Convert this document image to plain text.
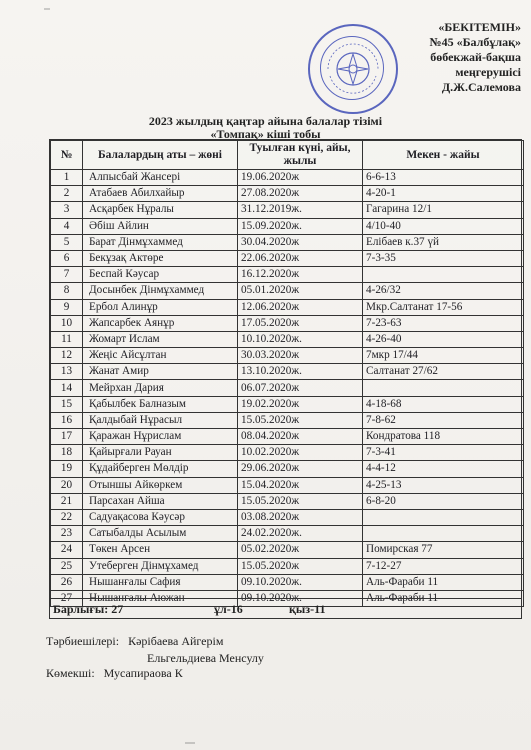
«БЕКІТЕМІН»
№45 «Балбұлақ»
бөбекжай-бақша
меңгерушісі
Д.Ж.Салемова
2023 жылдың қаңтар айына балалар тізімі
«Томпақ» кіші тобы
№	Балалардың аты – жөні	Туылған күні, айы, жылы	Мекен - жайы
1	Алпысбай Жансері	19.06.2020ж	6-6-13
2	Атабаев Абилхайыр	27.08.2020ж	4-20-1
3	Асқарбек Нұралы	31.12.2019ж.	Гагарина 12/1
4	Әбіш Айлин	15.09.2020ж.	4/10-40
5	Барат Дінмұхаммед	30.04.2020ж	Елібаев к.37 үй
6	Бекұзақ Актөре	22.06.2020ж	7-3-35
7	Беспай Кәусар	16.12.2020ж	
8	Досынбек Дінмұхаммед	05.01.2020ж	4-26/32
9	Ербол Алинұр	12.06.2020ж	Мкр.Салтанат 17-56
10	Жапсарбек Аянұр	17.05.2020ж	7-23-63
11	Жомарт Ислам	10.10.2020ж.	4-26-40
12	Жеңіс Айсұлтан	30.03.2020ж	7мкр 17/44
13	Жанат Амир	13.10.2020ж.	Салтанат 27/62
14	Мейрхан Дария	06.07.2020ж	
15	Қабылбек Балназым	19.02.2020ж	4-18-68
16	Қалдыбай Нұрасыл	15.05.2020ж	7-8-62
17	Қаражан Нұрислам	08.04.2020ж	Кондратова 118
18	Қайырғали Рауан	10.02.2020ж	7-3-41
19	Құдайберген Мөлдір	29.06.2020ж	4-4-12
20	Отыншы Айкөркем	15.04.2020ж	4-25-13
21	Парсахан Айша	15.05.2020ж	6-8-20
22	Садуақасова Кәусәр	03.08.2020ж	
23	Сатыбалды Асылым	24.02.2020ж.	
24	Төкен Арсен	05.02.2020ж	Помирская 77
25	Утеберген Дінмұхамед	15.05.2020ж	7-12-27
26	Нышанғалы Сафия	09.10.2020ж.	Аль-Фараби 11
27	Нышанғалы Аюжан	09.10.2020ж.	Аль-Фараби 11
Барлығы: 27	ұл-16	қыз-11
Тәрбиешілері: Кәрібаева Айгерім
Ельгельдиева Менсулу
Көмекші: Мусапираова К
